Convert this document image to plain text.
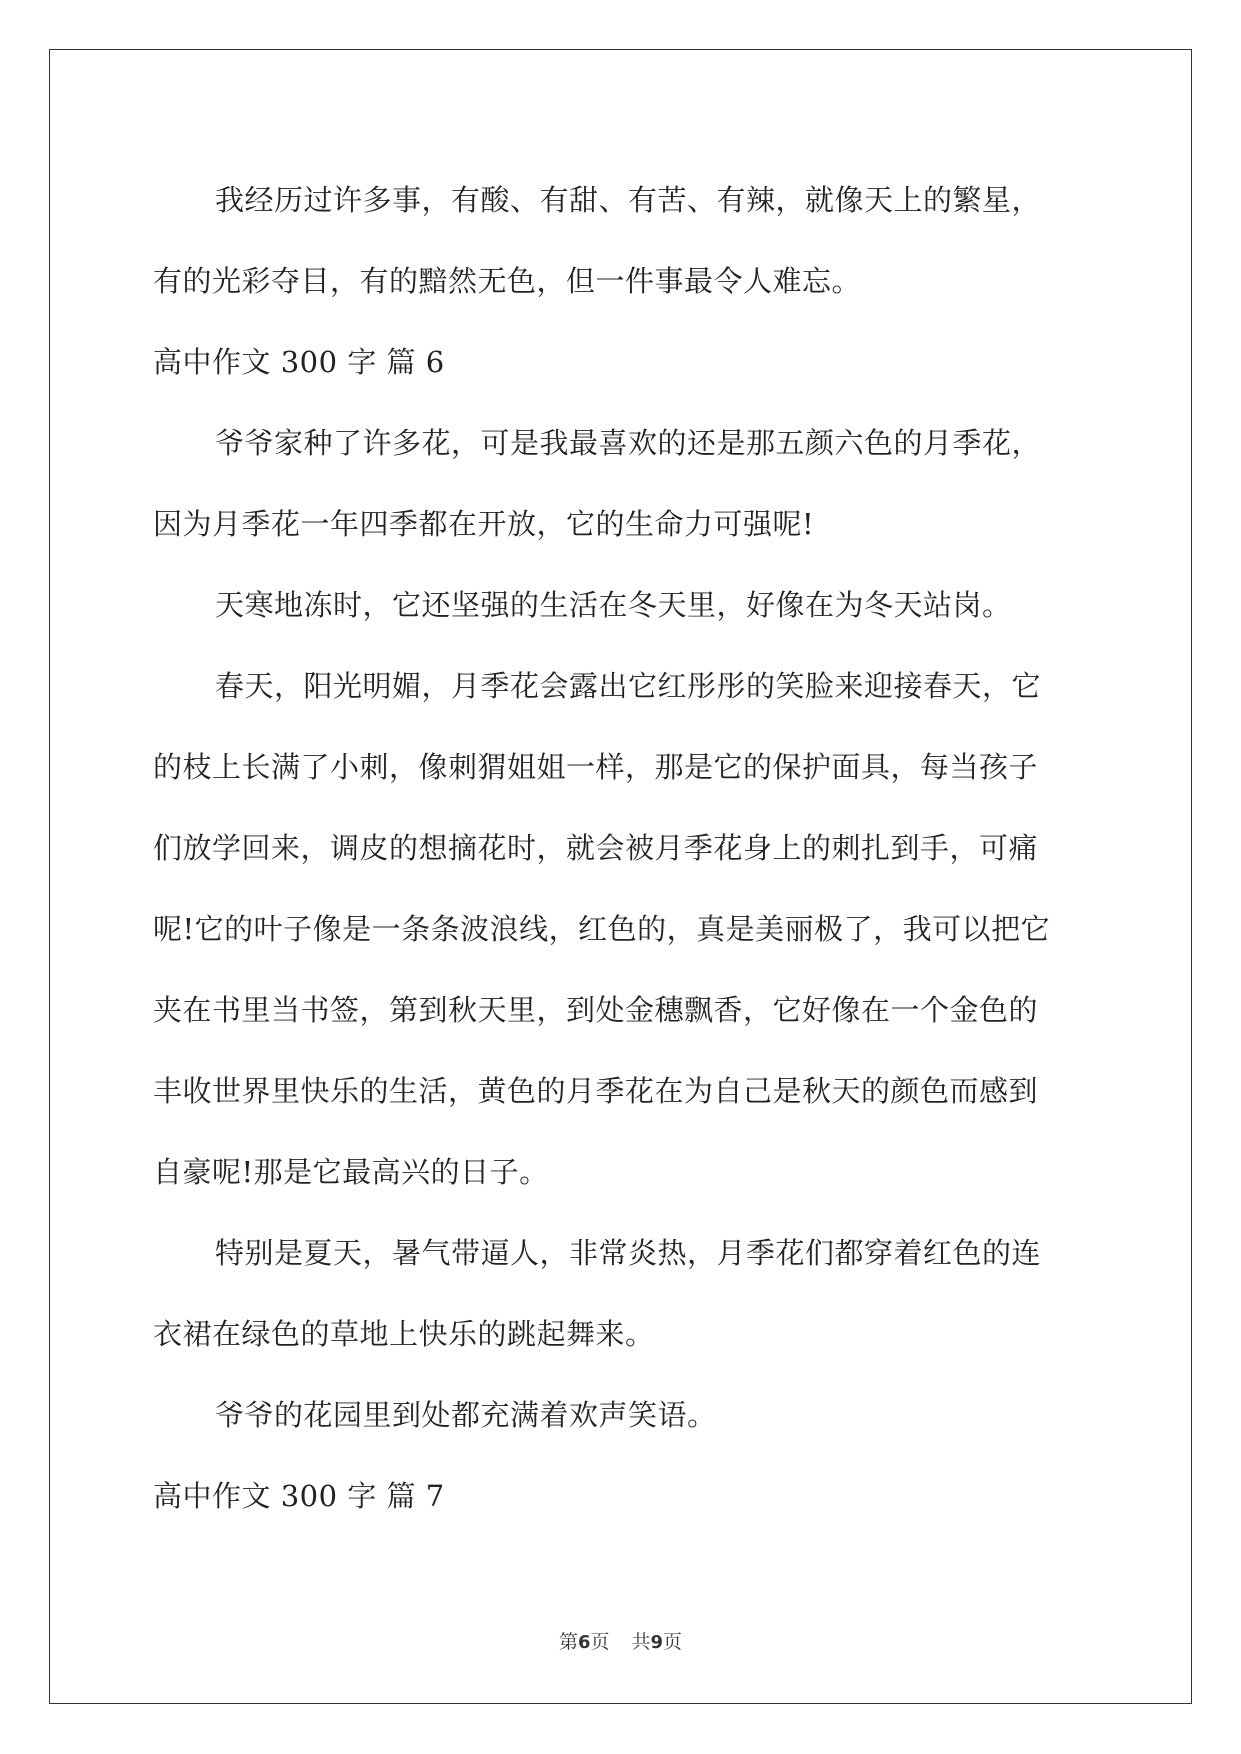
我经历过许多事，有酸、有甜、有苦、有辣，就像天上的繁星，

有的光彩夺目，有的黯然无色，但一件事最令人难忘。

高中作文 300 字 篇 6

爷爷家种了许多花，可是我最喜欢的还是那五颜六色的月季花，

因为月季花一年四季都在开放，它的生命力可强呢!

天寒地冻时，它还坚强的生活在冬天里，好像在为冬天站岗。

春天，阳光明媚，月季花会露出它红彤彤的笑脸来迎接春天，它

的枝上长满了小刺，像刺猬姐姐一样，那是它的保护面具，每当孩子

们放学回来，调皮的想摘花时，就会被月季花身上的刺扎到手，可痛

呢!它的叶子像是一条条波浪线，红色的，真是美丽极了，我可以把它

夹在书里当书签，第到秋天里，到处金穗飘香，它好像在一个金色的

丰收世界里快乐的生活，黄色的月季花在为自己是秋天的颜色而感到

自豪呢!那是它最高兴的日子。

特别是夏天，暑气带逼人，非常炎热，月季花们都穿着红色的连

衣裙在绿色的草地上快乐的跳起舞来。

爷爷的花园里到处都充满着欢声笑语。

高中作文 300 字 篇 7

第6页 共9页
